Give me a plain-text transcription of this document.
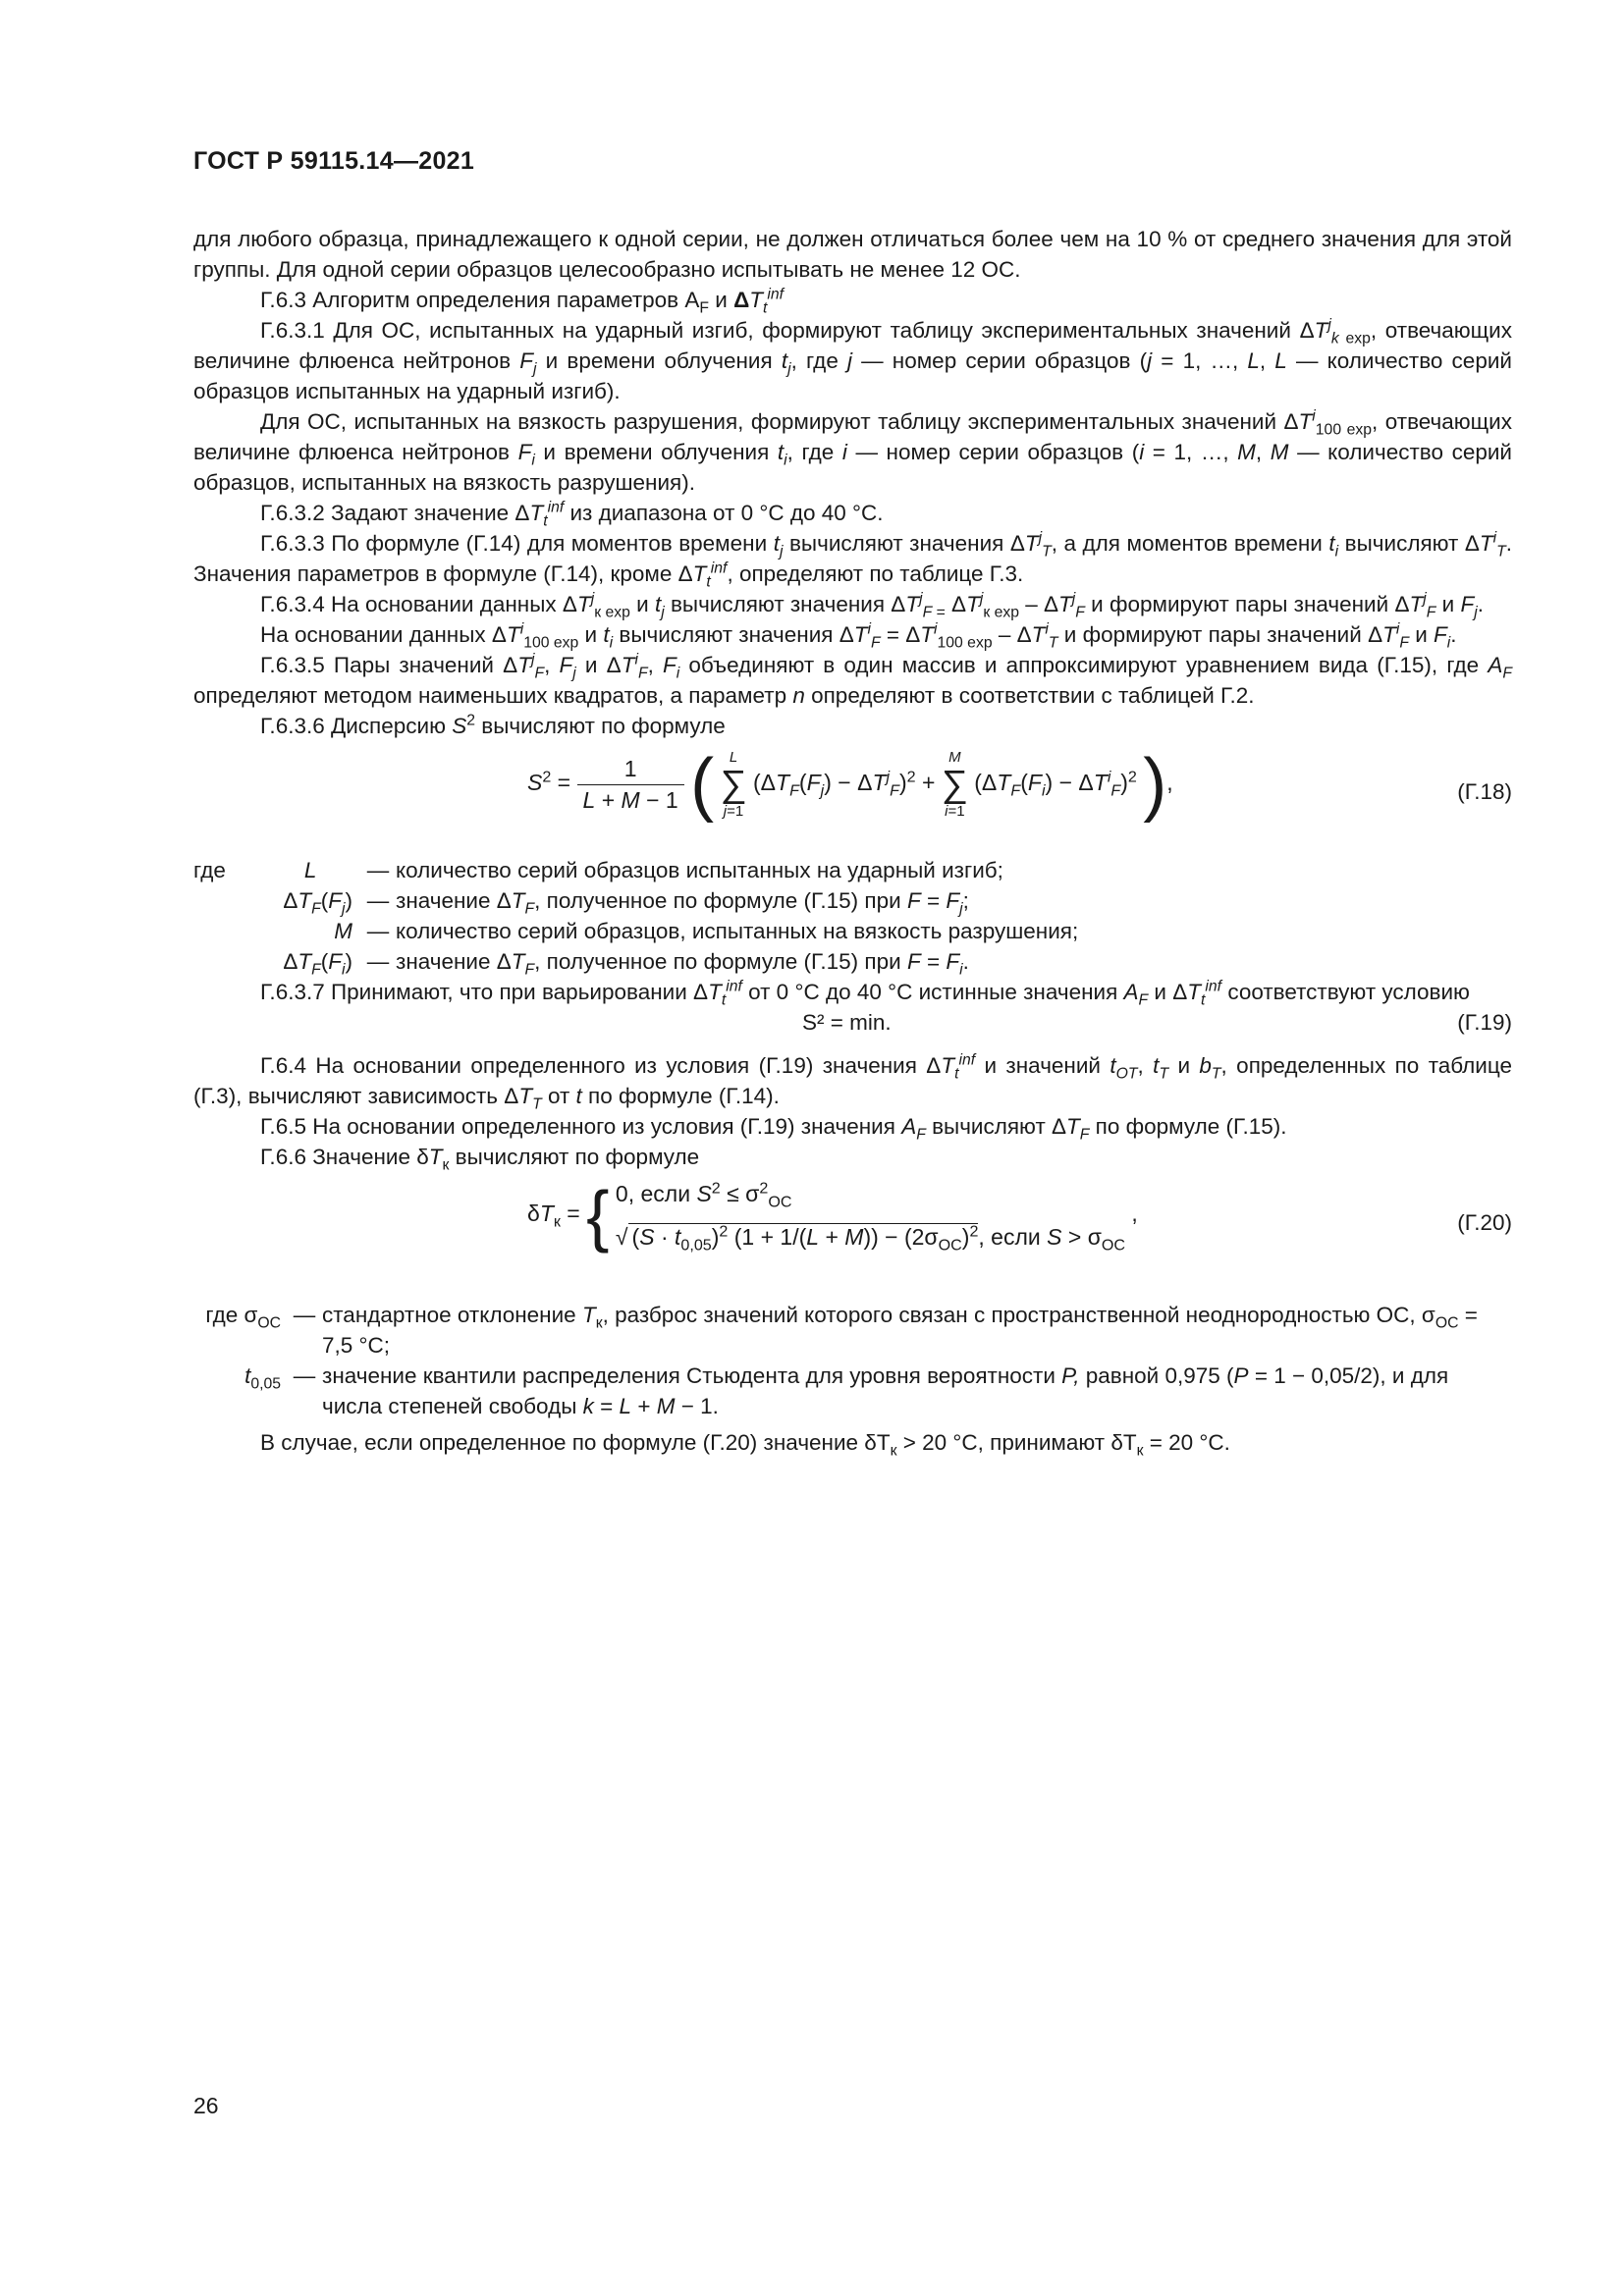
ГОСТ Р 59115.14—2021

для любого образца, принадлежащего к одной серии, не должен отличаться более чем на 10 % от среднего значения для этой группы. Для одной серии образцов целесообразно испытывать не менее 12 ОС.

Г.6.3 Алгоритм определения параметров $А_F$ и $\Delta T_t^{inf}$

Г.6.3.1 Для ОС, испытанных на ударный изгиб, формируют таблицу экспериментальных значений $\Delta T^j_{k exp}$, отвечающих величине флюенса нейтронов $F_j$ и времени облучения $t_j$, где j — номер серии образцов (j = 1, …, L, L — количество серий образцов испытанных на ударный изгиб).

Для ОС, испытанных на вязкость разрушения, формируют таблицу экспериментальных значений $\Delta T^i_{100 exp}$, отвечающих величине флюенса нейтронов $F_i$ и времени облучения $t_i$, где i — номер серии образцов (i = 1, …, M, M — количество серий образцов, испытанных на вязкость разрушения).

Г.6.3.2 Задают значение $\Delta T_t^{inf}$ из диапазона от 0 °С до 40 °С.

Г.6.3.3 По формуле (Г.14) для моментов времени $t_j$ вычисляют значения $\Delta T^j_T$, а для моментов времени $t_i$ вычисляют $\Delta T^i_T$. Значения параметров в формуле (Г.14), кроме $\Delta T_t^{inf}$, определяют по таблице Г.3.

Г.6.3.4 На основании данных $\Delta T^j_{к exp}$ и $t_j$ вычисляют значения $\Delta T^j_{F =}$ $\Delta T^j_{к exp} - \Delta T^j_F$ и формируют пары значений $\Delta T^j_F$ и $F_j$.

На основании данных $\Delta T^i_{100 exp}$ и $t_i$ вычисляют значения $\Delta T^i_F = \Delta T^i_{100 exp} - \Delta T^i_T$ и формируют пары значений $\Delta T^i_F$ и $F_i$.

Г.6.3.5 Пары значений $\Delta T^j_F$, $F_j$ и $\Delta T^i_F$, $F_i$ объединяют в один массив и аппроксимируют уравнением вида (Г.15), где $A_F$ определяют методом наименьших квадратов, а параметр n определяют в соответствии с таблицей Г.2.

Г.6.3.6 Дисперсию $S^2$ вычисляют по формуле

$S^2 = \frac{1}{L + M - 1}$ ( L
∑
j=1 $(\Delta T_F(F_j) - \Delta T^j_F)^2 + M$
∑
i=1 $(\Delta T_F(F_i) - \Delta T^i_F)^2$ ),	(Г.18)
где	L	— количество серий образцов испытанных на ударный изгиб;
$\Delta T_F(F_j)$ — значение $\Delta T_F$, полученное по формуле (Г.15) при $F = F_j$;
M — количество серий образцов, испытанных на вязкость разрушения;
$\Delta T_F(F_i)$ — значение $\Delta T_F$, полученное по формуле (Г.15) при $F = F_i$.

Г.6.3.7 Принимают, что при варьировании $\Delta T_t^{inf}$ от 0 °С до 40 °С истинные значения $A_F$ и $\Delta T_t^{inf}$ соответствуют условию

S² = min.	(Г.19)

Г.6.4 На основании определенного из условия (Г.19) значения $\Delta T_t^{inf}$ и значений $t_{OT}$, $t_T$ и $b_T$, определенных по таблице (Г.3), вычисляют зависимость $\Delta T_T$ от t по формуле (Г.14).

Г.6.5 На основании определенного из условия (Г.19) значения $A_F$ вычисляют $\Delta T_F$ по формуле (Г.15).

Г.6.6 Значение $\delta T_к$ вычисляют по формуле

$\delta T_к$ = { 0, если $S^2 \le \sigma^2_{OC}$
√ $(S \cdot t_{0,05})^2$ $(1 + 1/(L + M)) - (2\sigma_{OC})^2$, если $S > \sigma_{OC}$
,	(Г.20)
где $\sigma_{OC}$ — стандартное отклонение $T_к$, разброс значений которого связан с пространственной неоднородностью ОС, $\sigma_{OC} = 7,5$ °С;
$t_{0,05}$ — значение квантили распределения Стьюдента для уровня вероятности P, равной 0,975 (P = 1 − 0,05/2), и для числа степеней свободы k = L + M − 1.

В случае, если определенное по формуле (Г.20) значение $\delta T_к > 20$ °С, принимают $\delta T_к = 20$ °С.

26
